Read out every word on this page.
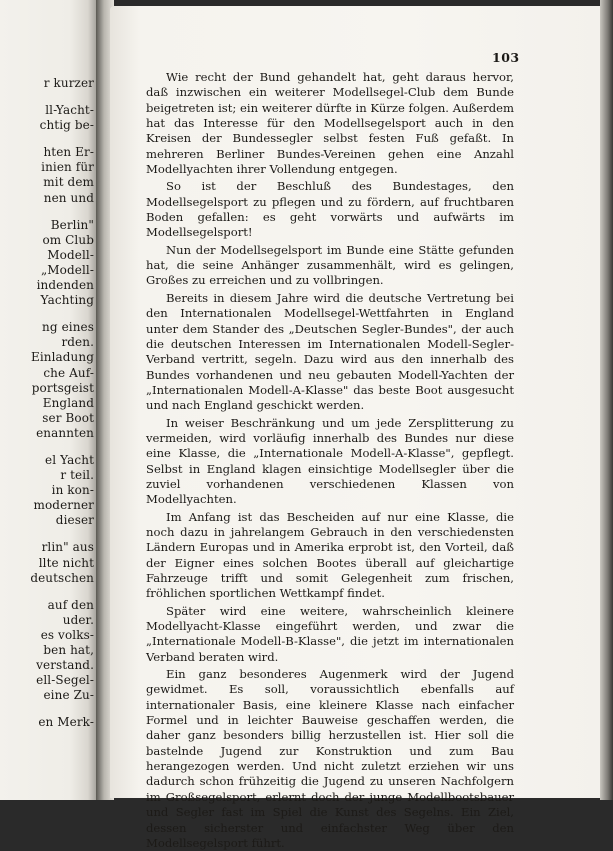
r kurzer
ll-Yacht-
chtig be-
hten Er-
inien für
mit dem
nen und
Berlin"
om Club
Modell-
„Modell-
indenden
Yachting
ng eines
rden.
Einladung
che Auf-
portsgeist
England
ser Boot
enannten
el Yacht
r teil.
in kon-
moderner
dieser
rlin" aus
llte nicht
deutschen
auf den
uder.
es volks-
ben hat,
verstand.
ell-Segel-
eine Zu-
en Merk-
103

Wie recht der Bund gehandelt hat, geht daraus hervor, daß inzwischen ein weiterer Modellsegel-Club dem Bunde beigetreten ist; ein weiterer dürfte in Kürze folgen. Außerdem hat das Interesse für den Modellsegelsport auch in den Kreisen der Bundessegler selbst festen Fuß gefaßt. In mehreren Berliner Bundes-Vereinen gehen eine Anzahl Modellyachten ihrer Vollendung entgegen.

So ist der Beschluß des Bundestages, den Modellsegelsport zu pflegen und zu fördern, auf fruchtbaren Boden gefallen: es geht vorwärts und aufwärts im Modellsegelsport!

Nun der Modellsegelsport im Bunde eine Stätte gefunden hat, die seine Anhänger zusammenhält, wird es gelingen, Großes zu erreichen und zu vollbringen.

Bereits in diesem Jahre wird die deutsche Vertretung bei den Internationalen Modellsegel-Wettfahrten in England unter dem Stander des „Deutschen Segler-Bundes", der auch die deutschen Interessen im Internationalen Modell-Segler-Verband vertritt, segeln. Dazu wird aus den innerhalb des Bundes vorhandenen und neu gebauten Modell-Yachten der „Internationalen Modell-A-Klasse" das beste Boot ausgesucht und nach England geschickt werden.

In weiser Beschränkung und um jede Zersplitterung zu vermeiden, wird vorläufig innerhalb des Bundes nur diese eine Klasse, die „Internationale Modell-A-Klasse", gepflegt. Selbst in England klagen einsichtige Modellsegler über die zuviel vorhandenen verschiedenen Klassen von Modellyachten.

Im Anfang ist das Bescheiden auf nur eine Klasse, die noch dazu in jahrelangem Gebrauch in den verschiedensten Ländern Europas und in Amerika erprobt ist, den Vorteil, daß der Eigner eines solchen Bootes überall auf gleichartige Fahrzeuge trifft und somit Gelegenheit zum frischen, fröhlichen sportlichen Wettkampf findet.

Später wird eine weitere, wahrscheinlich kleinere Modellyacht-Klasse eingeführt werden, und zwar die „Internationale Modell-B-Klasse", die jetzt im internationalen Verband beraten wird.

Ein ganz besonderes Augenmerk wird der Jugend gewidmet. Es soll, voraussichtlich ebenfalls auf internationaler Basis, eine kleinere Klasse nach einfacher Formel und in leichter Bauweise geschaffen werden, die daher ganz besonders billig herzustellen ist. Hier soll die bastelnde Jugend zur Konstruktion und zum Bau herangezogen werden. Und nicht zuletzt erziehen wir uns dadurch schon frühzeitig die Jugend zu unseren Nachfolgern im Großsegelsport, erlernt doch der junge Modellbootsbauer und Segler fast im Spiel die Kunst des Segelns. Ein Ziel, dessen sicherster und einfachster Weg über den Modellsegelsport führt.
